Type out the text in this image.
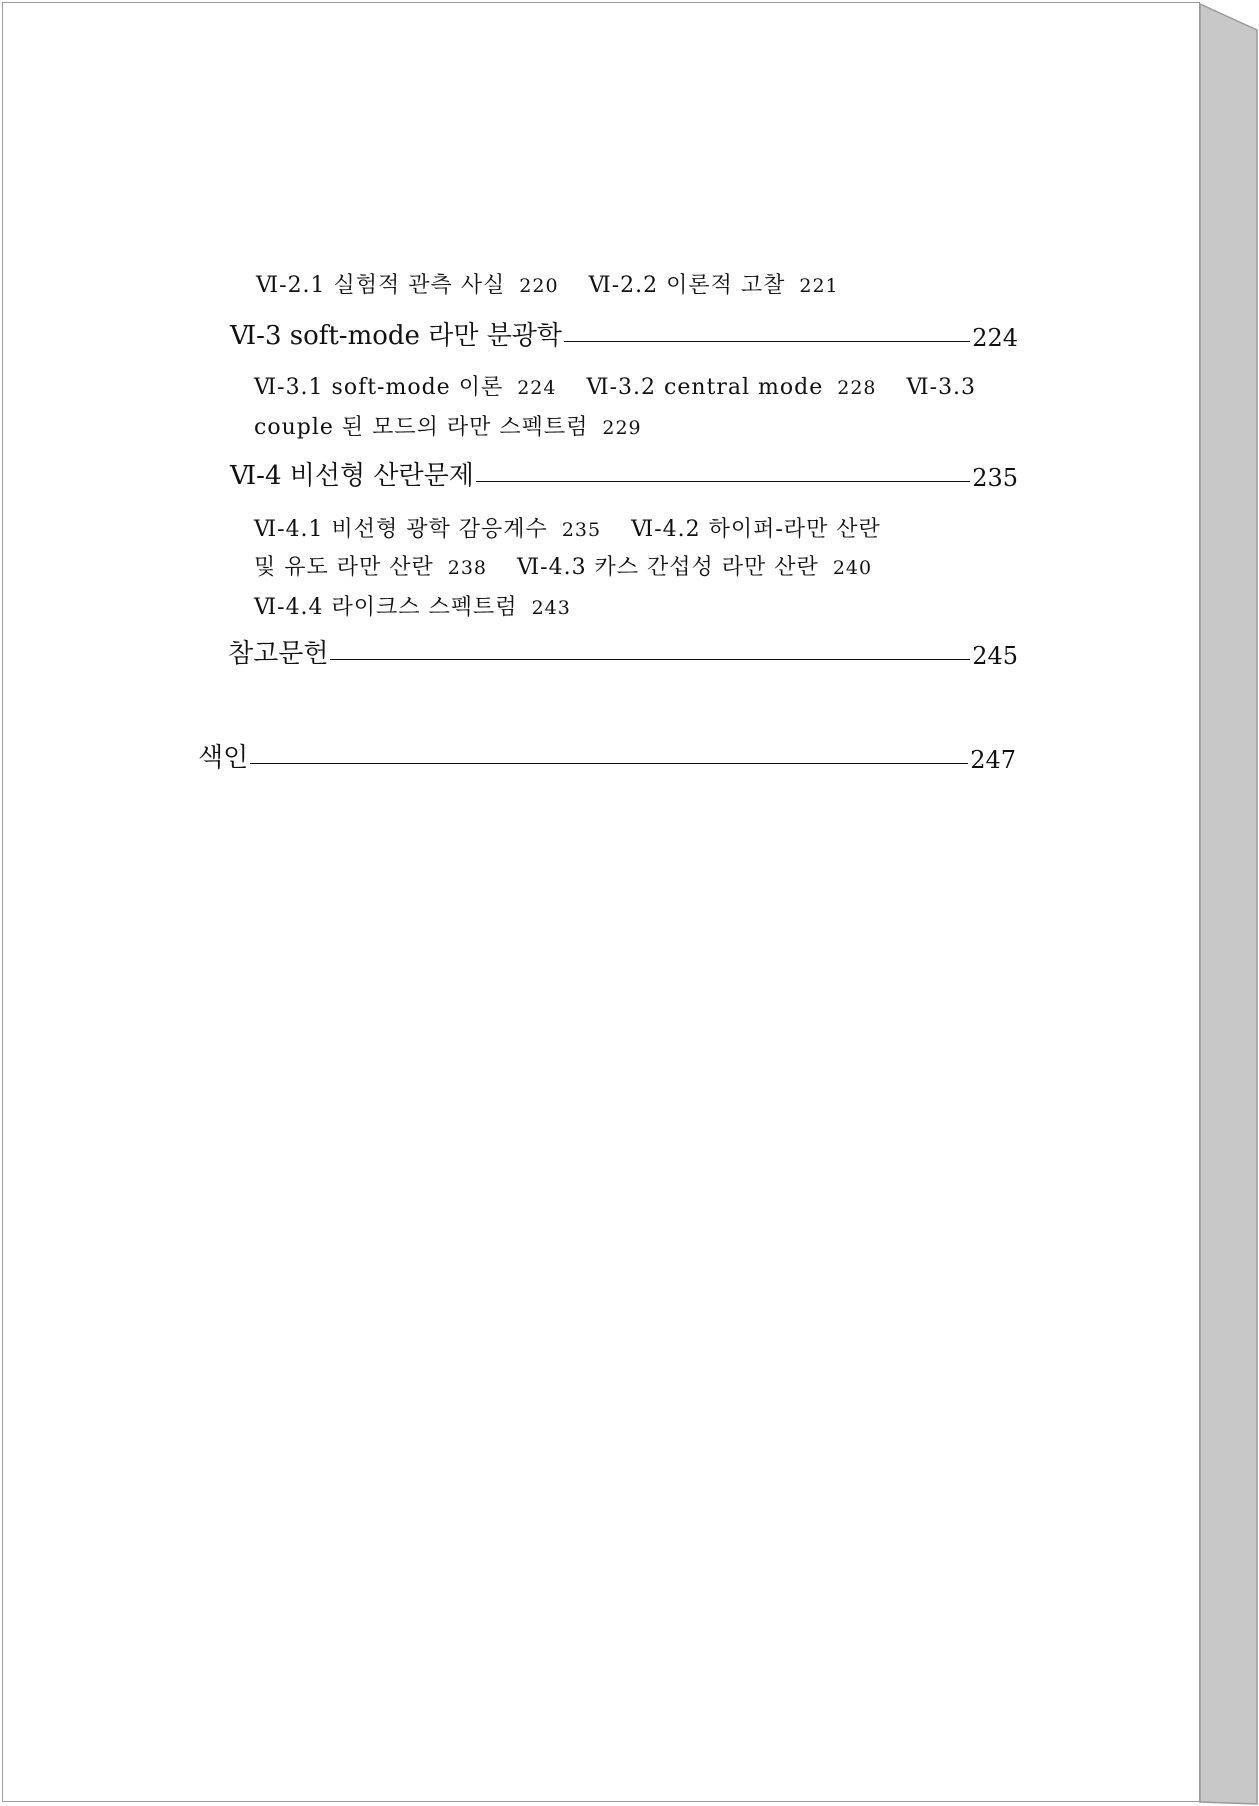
Ⅵ-2.1 실험적 관측 사실 220 Ⅵ-2.2 이론적 고찰 221
Ⅵ-3 soft-mode 라만 분광학	224
Ⅵ-3.1 soft-mode 이론 224 Ⅵ-3.2 central mode 228 Ⅵ-3.3
couple 된 모드의 라만 스펙트럼 229
Ⅵ-4 비선형 산란문제	235
Ⅵ-4.1 비선형 광학 감응계수 235 Ⅵ-4.2 하이퍼-라만 산란
및 유도 라만 산란 238 Ⅵ-4.3 카스 간섭성 라만 산란 240
Ⅵ-4.4 라이크스 스펙트럼 243
참고문헌	245
색인	247
